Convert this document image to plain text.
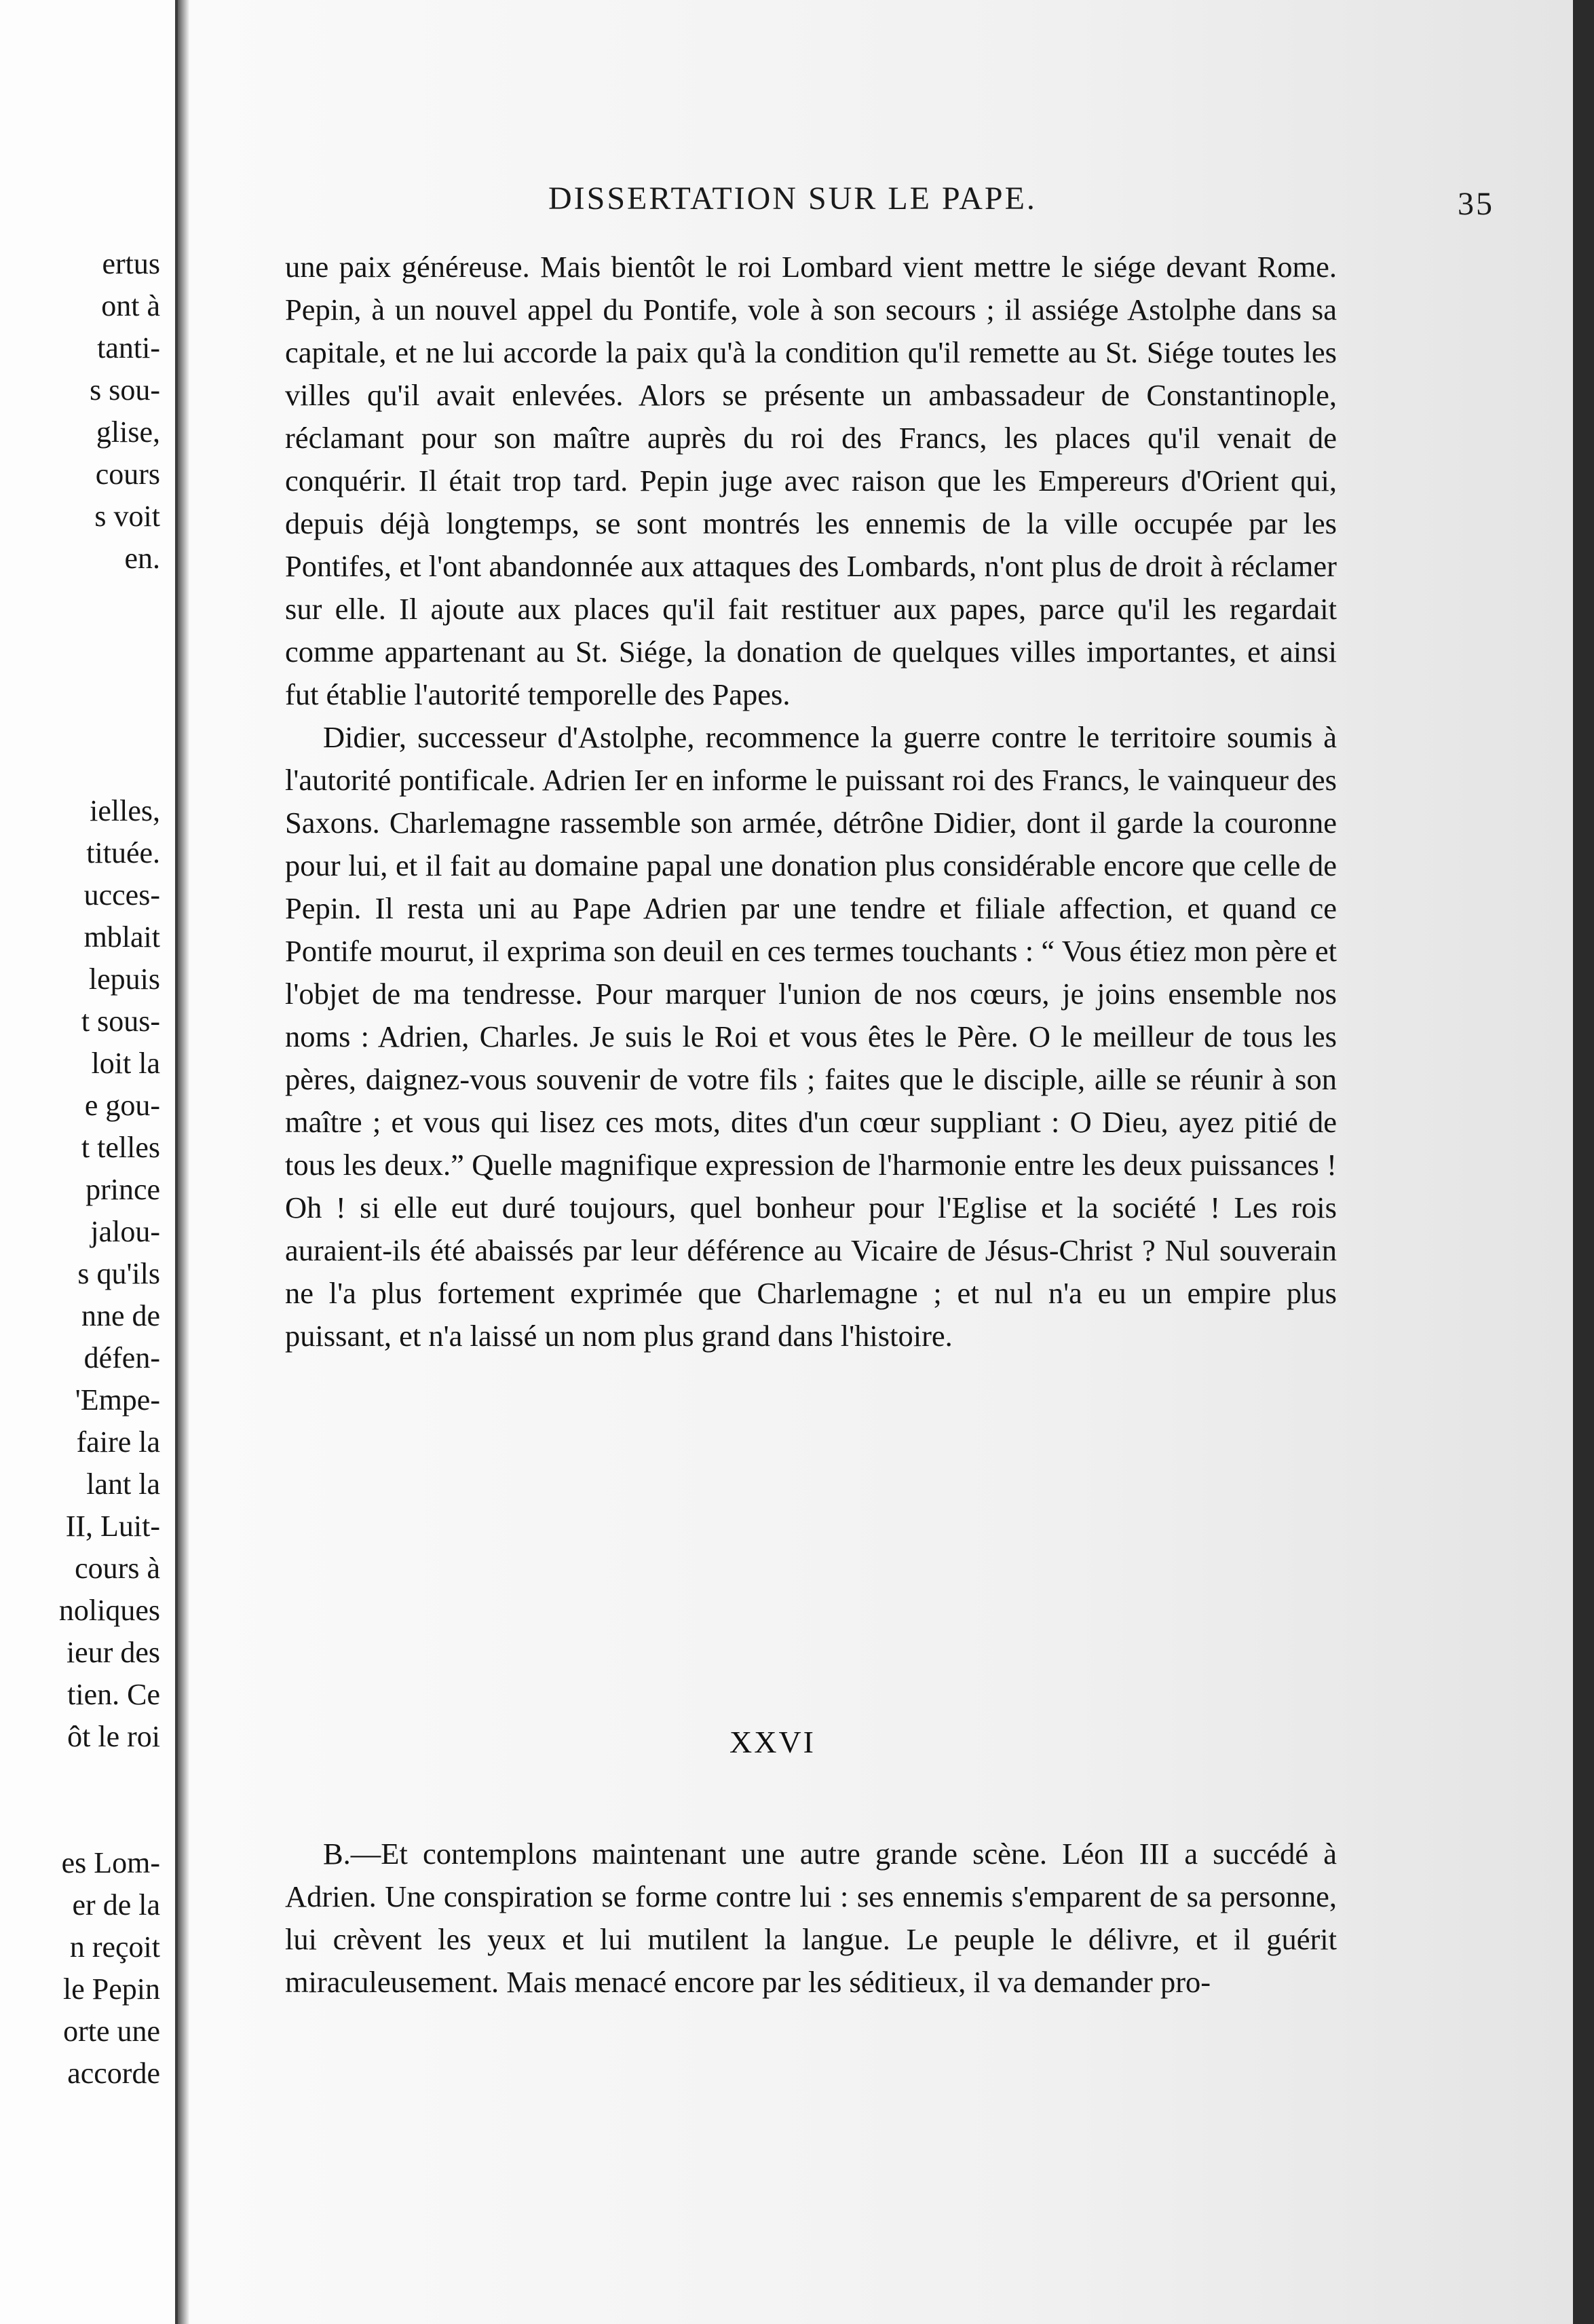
ertus
ont à
tanti-
s sou-
glise,
cours
s voit
en.

ielles,
tituée.
ucces-
mblait
lepuis
t sous-
loit la
e gou-
t telles
prince
jalou-
s qu'ils
nne de
défen-
'Empe-
faire la
lant la
II, Luit-
cours à
noliques
ieur des
tien. Ce
ôt le roi

es Lom-
er de la
n reçoit
le Pepin
orte une
accorde
DISSERTATION SUR LE PAPE.	35

une paix généreuse. Mais bientôt le roi Lombard vient mettre le siége devant Rome. Pepin, à un nouvel appel du Pontife, vole à son secours ; il assiége Astolphe dans sa capitale, et ne lui accorde la paix qu'à la condition qu'il remette au St. Siége toutes les villes qu'il avait enlevées. Alors se présente un ambassadeur de Constantinople, réclamant pour son maître auprès du roi des Francs, les places qu'il venait de conquérir. Il était trop tard. Pepin juge avec raison que les Empereurs d'Orient qui, depuis déjà longtemps, se sont montrés les ennemis de la ville occupée par les Pontifes, et l'ont abandonnée aux attaques des Lombards, n'ont plus de droit à réclamer sur elle. Il ajoute aux places qu'il fait restituer aux papes, parce qu'il les regardait comme appartenant au St. Siége, la donation de quelques villes importantes, et ainsi fut établie l'autorité temporelle des Papes.

Didier, successeur d'Astolphe, recommence la guerre contre le territoire soumis à l'autorité pontificale. Adrien Ier en informe le puissant roi des Francs, le vainqueur des Saxons. Charlemagne rassemble son armée, détrône Didier, dont il garde la couronne pour lui, et il fait au domaine papal une donation plus considérable encore que celle de Pepin. Il resta uni au Pape Adrien par une tendre et filiale affection, et quand ce Pontife mourut, il exprima son deuil en ces termes touchants : “ Vous étiez mon père et l'objet de ma tendresse. Pour marquer l'union de nos cœurs, je joins ensemble nos noms : Adrien, Charles. Je suis le Roi et vous êtes le Père. O le meilleur de tous les pères, daignez-vous souvenir de votre fils ; faites que le disciple, aille se réunir à son maître ; et vous qui lisez ces mots, dites d'un cœur suppliant : O Dieu, ayez pitié de tous les deux.” Quelle magnifique expression de l'harmonie entre les deux puissances ! Oh ! si elle eut duré toujours, quel bonheur pour l'Eglise et la société ! Les rois auraient-ils été abaissés par leur déférence au Vicaire de Jésus-Christ ? Nul souverain ne l'a plus fortement exprimée que Charlemagne ; et nul n'a eu un empire plus puissant, et n'a laissé un nom plus grand dans l'histoire.

XXVI

B.—Et contemplons maintenant une autre grande scène. Léon III a succédé à Adrien. Une conspiration se forme contre lui : ses ennemis s'emparent de sa personne, lui crèvent les yeux et lui mutilent la langue. Le peuple le délivre, et il guérit miraculeusement. Mais menacé encore par les séditieux, il va demander pro-
